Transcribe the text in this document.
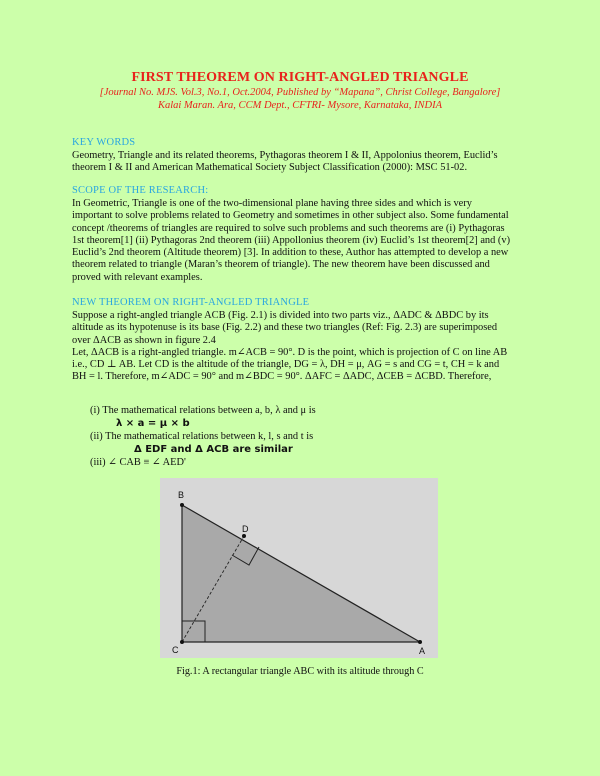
FIRST THEOREM ON RIGHT-ANGLED TRIANGLE
[Journal No. MJS. Vol.3, No.1, Oct.2004, Published by “Mapana”, Christ College, Bangalore]
Kalai Maran. Ara, CCM Dept., CFTRI- Mysore, Karnataka, INDIA
KEY WORDS
Geometry, Triangle and its related theorems, Pythagoras theorem I & II, Appolonius theorem, Euclid’s
theorem I & II and American Mathematical Society Subject Classification (2000): MSC 51-02.
SCOPE OF THE RESEARCH:
In Geometric, Triangle is one of the two-dimensional plane having three sides and which is very
important to solve problems related to Geometry and sometimes in other subject also. Some fundamental
concept /theorems of triangles are required to solve such problems and such theorems are (i) Pythagoras
1st theorem[1] (ii) Pythagoras 2nd theorem (iii) Appollonius theorem (iv) Euclid’s 1st theorem[2] and (v)
Euclid’s 2nd theorem (Altitude theorem) [3]. In addition to these, Author has attempted to develop a new
theorem related to triangle (Maran’s theorem of triangle). The new theorem have been discussed and
proved with relevant examples.
NEW THEOREM ON RIGHT-ANGLED TRIANGLE
Suppose a right-angled triangle ACB (Fig. 2.1) is divided into two parts viz., ΔADC & ΔBDC by its
altitude as its hypotenuse is its base (Fig. 2.2) and these two triangles (Ref: Fig. 2.3) are superimposed
over ΔACB as shown in figure 2.4
Let, ΔACB is a right-angled triangle. m∠ACB = 90°. D is the point, which is projection of C on line AB
i.e., CD ⊥ AB. Let CD is the altitude of the triangle, DG = λ, DH = μ, AG = s and CG = t, CH = k and
BH = l. Therefore, m∠ADC = 90° and m∠BDC = 90°. ΔAFC = ΔADC, ΔCEB = ΔCBD. Therefore,
(i) The mathematical relations between a, b, λ and μ is
λ × a = μ × b
(ii) The mathematical relations between k, l, s and t is
Δ EDF and Δ ACB are similar
(iii) ∠ CAB ≡ ∠ AED'
B
C
D
A
Fig.1: A rectangular triangle ABC with its altitude through C
